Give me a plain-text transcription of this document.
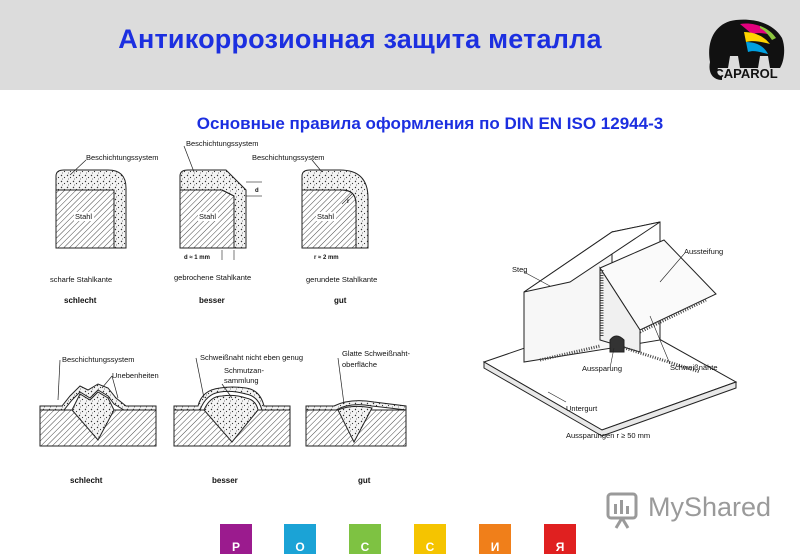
Антикоррозионная защита металла
CAPAROL
Основные правила оформления по DIN EN ISO 12944-3
Beschichtungssystem
Stahl
scharfe Stahlkante
schlecht
Beschichtungssystem
Stahl
d ≈ 1 mm
d
gebrochene Stahlkante
besser
Beschichtungssystem
Stahl
r
r ≈ 2 mm
gerundete Stahlkante
gut
Beschichtungssystem
Unebenheiten
schlecht
Schweißnaht nicht eben genug
Schmutzan-
sammlung
besser
Glatte Schweißnaht-
oberfläche
gut
Steg
Aussteifung
Aussparung	Schweißnähte
Untergurt
Aussparungen r ≥ 50 mm
MyShared
Р	О	С	С	И	Я
